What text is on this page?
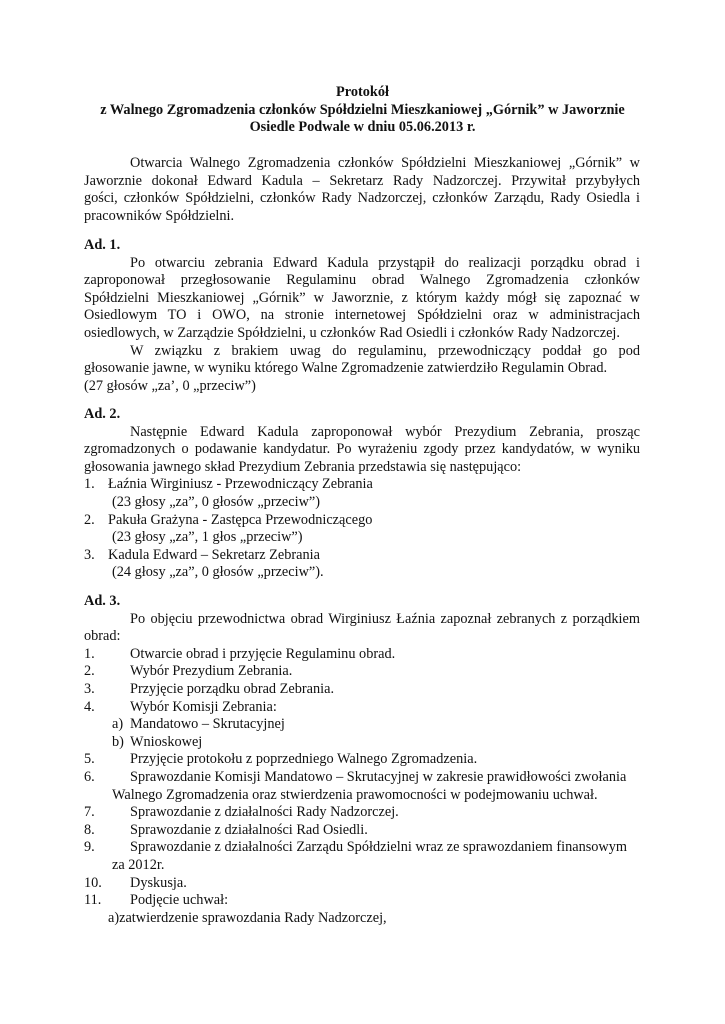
Protokół
z Walnego Zgromadzenia członków Spółdzielni Mieszkaniowej „Górnik” w Jaworznie
Osiedle Podwale w dniu 05.06.2013 r.
Otwarcia Walnego Zgromadzenia członków Spółdzielni Mieszkaniowej „Górnik” w
Jaworznie dokonał Edward Kadula – Sekretarz Rady Nadzorczej. Przywitał przybyłych
gości, członków Spółdzielni, członków Rady Nadzorczej, członków Zarządu, Rady Osiedla i
pracowników Spółdzielni.
Ad. 1.
Po otwarciu zebrania Edward Kadula przystąpił do realizacji porządku obrad i
zaproponował przegłosowanie Regulaminu obrad Walnego Zgromadzenia członków
Spółdzielni Mieszkaniowej „Górnik” w Jaworznie, z którym każdy mógł się zapoznać w
Osiedlowym TO i OWO, na stronie internetowej Spółdzielni oraz w administracjach
osiedlowych, w Zarządzie Spółdzielni, u członków Rad Osiedli i członków Rady Nadzorczej.
W związku z brakiem uwag do regulaminu, przewodniczący poddał go pod
głosowanie jawne, w wyniku którego Walne Zgromadzenie zatwierdziło Regulamin Obrad.
(27 głosów „za’, 0 „przeciw”)
Ad. 2.
Następnie Edward Kadula zaproponował wybór Prezydium Zebrania, prosząc
zgromadzonych o podawanie kandydatur. Po wyrażeniu zgody przez kandydatów, w wyniku
głosowania jawnego skład Prezydium Zebrania przedstawia się następująco:
1. Łaźnia Wirginiusz - Przewodniczący Zebrania
(23 głosy „za”, 0 głosów „przeciw”)
2. Pakuła Grażyna - Zastępca Przewodniczącego
(23 głosy „za”, 1 głos „przeciw”)
3. Kadula Edward – Sekretarz Zebrania
(24 głosy „za”, 0 głosów „przeciw”).
Ad. 3.
Po objęciu przewodnictwa obrad Wirginiusz Łaźnia zapoznał zebranych z porządkiem
obrad:
1. Otwarcie obrad i przyjęcie Regulaminu obrad.
2. Wybór Prezydium Zebrania.
3. Przyjęcie porządku obrad Zebrania.
4. Wybór Komisji Zebrania:
a) Mandatowo – Skrutacyjnej
b) Wnioskowej
5. Przyjęcie protokołu z poprzedniego Walnego Zgromadzenia.
6. Sprawozdanie Komisji Mandatowo – Skrutacyjnej w zakresie prawidłowości zwołania
Walnego Zgromadzenia oraz stwierdzenia prawomocności w podejmowaniu uchwał.
7. Sprawozdanie z działalności Rady Nadzorczej.
8. Sprawozdanie z działalności Rad Osiedli.
9. Sprawozdanie z działalności Zarządu Spółdzielni wraz ze sprawozdaniem finansowym
za 2012r.
10. Dyskusja.
11. Podjęcie uchwał:
a)zatwierdzenie sprawozdania Rady Nadzorczej,
